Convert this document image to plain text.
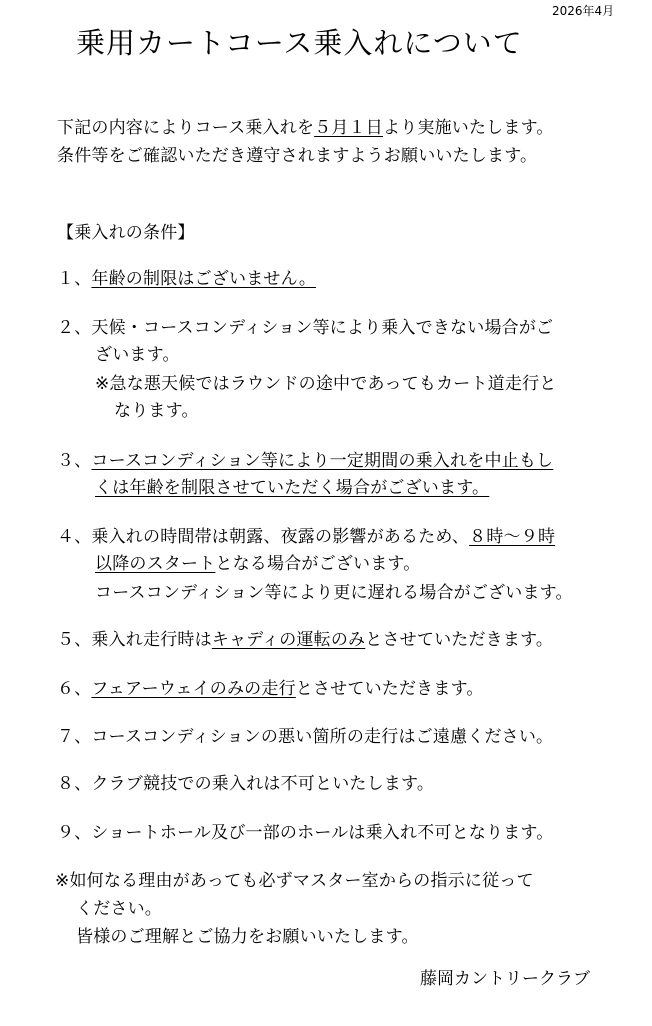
2026年4月
乗用カートコース乗入れについて
下記の内容によりコース乗入れを５月１日より実施いたします。
条件等をご確認いただき遵守されますようお願いいたします。
【乗入れの条件】
１、年齢の制限はございません。
２、天候・コースコンディション等により乗入できない場合がご
ざいます。
※急な悪天候ではラウンドの途中であってもカート道走行と
なります。
３、コースコンディション等により一定期間の乗入れを中止もし
くは年齢を制限させていただく場合がございます。
４、乗入れの時間帯は朝露、夜露の影響があるため、８時～９時
以降のスタートとなる場合がございます。
コースコンディション等により更に遅れる場合がございます。
５、乗入れ走行時はキャディの運転のみとさせていただきます。
６、フェアーウェイのみの走行とさせていただきます。
７、コースコンディションの悪い箇所の走行はご遠慮ください。
８、クラブ競技での乗入れは不可といたします。
９、ショートホール及び一部のホールは乗入れ不可となります。
※如何なる理由があっても必ずマスター室からの指示に従って
ください。
皆様のご理解とご協力をお願いいたします。
藤岡カントリークラブ
